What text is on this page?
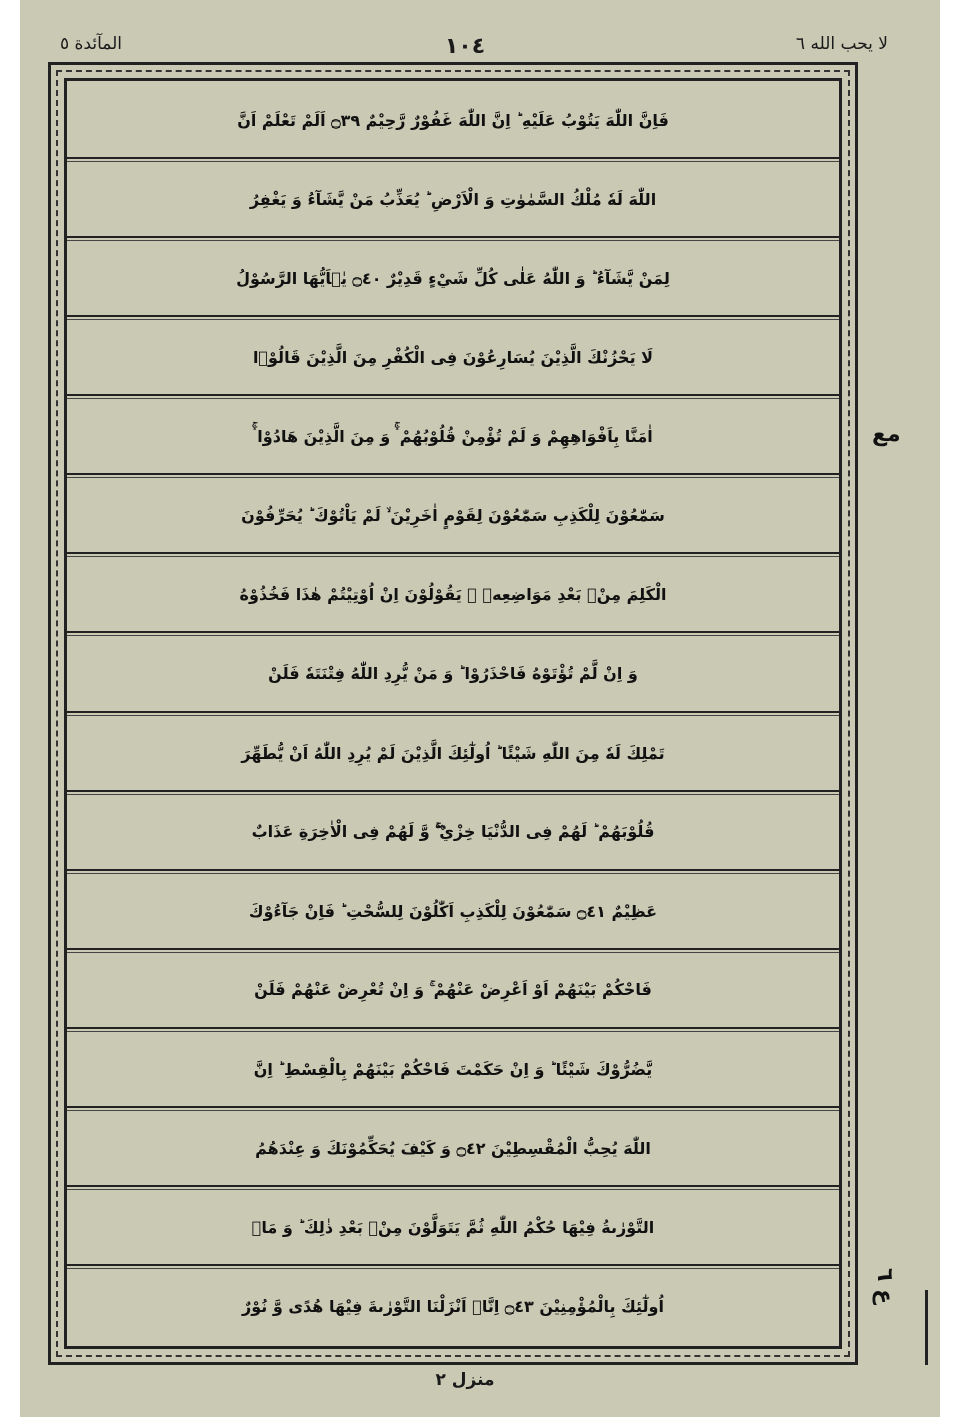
المآئدة ٥	١٠٤	لا يحب الله ٦
فَاِنَّ اللّٰهَ يَتُوْبُ عَلَيْهِ ؕ اِنَّ اللّٰهَ غَفُوْرٌ رَّحِيْمٌ ۝٣٩ اَلَمْ تَعْلَمْ اَنَّ
اللّٰهَ لَهٗ مُلْكُ السَّمٰوٰتِ وَ الْاَرْضِ ؕ يُعَذِّبُ مَنْ يَّشَآءُ وَ يَغْفِرُ
لِمَنْ يَّشَآءُ ؕ وَ اللّٰهُ عَلٰى كُلِّ شَيْءٍ قَدِيْرٌ ۝٤٠ يٰۤاَيُّهَا الرَّسُوْلُ
لَا يَحْزُنْكَ الَّذِيْنَ يُسَارِعُوْنَ فِى الْكُفْرِ مِنَ الَّذِيْنَ قَالُوْۤا
اٰمَنَّا بِاَفْوَاهِهِمْ وَ لَمْ تُؤْمِنْ قُلُوْبُهُمْ ۛۚ وَ مِنَ الَّذِيْنَ هَادُوْا ۛۚ
سَمّٰعُوْنَ لِلْكَذِبِ سَمّٰعُوْنَ لِقَوْمٍ اٰخَرِيْنَ ۙ لَمْ يَاْتُوْكَ ؕ يُحَرِّفُوْنَ
الْكَلِمَ مِنْۢ بَعْدِ مَوَاضِعِهٖ ۚ يَقُوْلُوْنَ اِنْ اُوْتِيْتُمْ هٰذَا فَخُذُوْهُ
وَ اِنْ لَّمْ تُؤْتَوْهُ فَاحْذَرُوْا ؕ وَ مَنْ يُّرِدِ اللّٰهُ فِتْنَتَهٗ فَلَنْ
تَمْلِكَ لَهٗ مِنَ اللّٰهِ شَيْئًا ؕ اُولٰٓئِكَ الَّذِيْنَ لَمْ يُرِدِ اللّٰهُ اَنْ يُّطَهِّرَ
قُلُوْبَهُمْ ؕ لَهُمْ فِى الدُّنْيَا خِزْيٌ ۖۚ وَّ لَهُمْ فِى الْاٰخِرَةِ عَذَابٌ
عَظِيْمٌ ۝٤١ سَمّٰعُوْنَ لِلْكَذِبِ اَكّٰلُوْنَ لِلسُّحْتِ ؕ فَاِنْ جَآءُوْكَ
فَاحْكُمْ بَيْنَهُمْ اَوْ اَعْرِضْ عَنْهُمْ ۚ وَ اِنْ تُعْرِضْ عَنْهُمْ فَلَنْ
يَّضُرُّوْكَ شَيْئًا ؕ وَ اِنْ حَكَمْتَ فَاحْكُمْ بَيْنَهُمْ بِالْقِسْطِ ؕ اِنَّ
اللّٰهَ يُحِبُّ الْمُقْسِطِيْنَ ۝٤٢ وَ كَيْفَ يُحَكِّمُوْنَكَ وَ عِنْدَهُمُ
التَّوْرٰىةُ فِيْهَا حُكْمُ اللّٰهِ ثُمَّ يَتَوَلَّوْنَ مِنْۢ بَعْدِ ذٰلِكَ ؕ وَ مَاۤ
اُولٰٓئِكَ بِالْمُؤْمِنِيْنَ ۝٤٣ اِنَّاۤ اَنْزَلْنَا التَّوْرٰىةَ فِيْهَا هُدًى وَّ نُوْرٌ
ﻣﻊ
ع ٦
منزل ٢
